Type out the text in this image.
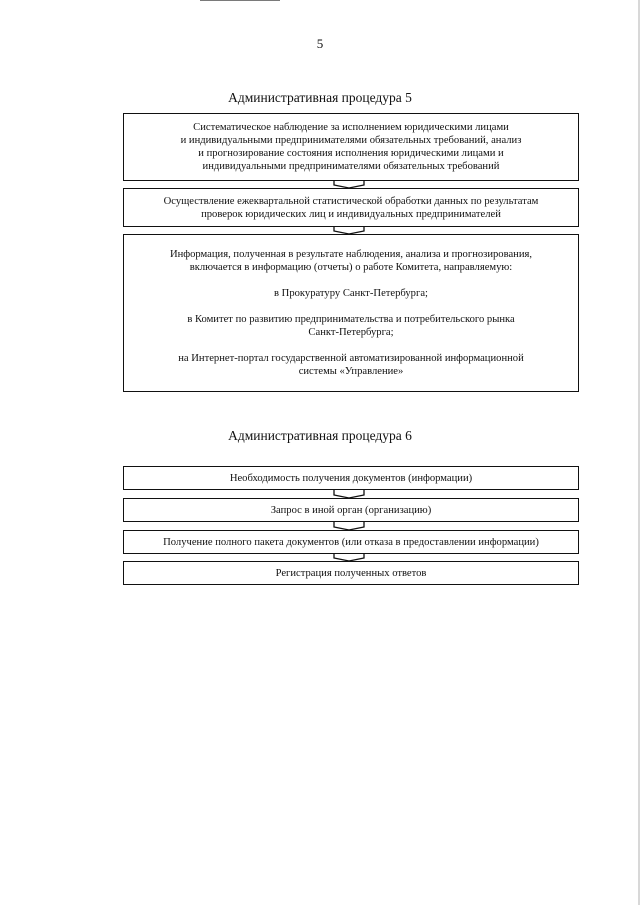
5
Административная процедура 5
Систематическое наблюдение за исполнением юридическими лицами
и индивидуальными предпринимателями обязательных требований, анализ
и прогнозирование состояния исполнения юридическими лицами и
индивидуальными предпринимателями обязательных требований
Осуществление ежеквартальной статистической обработки данных по результатам
проверок юридических лиц и индивидуальных предпринимателей
Информация, полученная в результате наблюдения, анализа и прогнозирования,
включается в информацию (отчеты) о работе Комитета, направляемую:
в Прокуратуру Санкт-Петербурга;
в Комитет по развитию предпринимательства и потребительского рынка
Санкт-Петербурга;
на Интернет-портал государственной автоматизированной информационной
системы «Управление»
Административная процедура 6
Необходимость получения документов (информации)
Запрос в иной орган (организацию)
Получение полного пакета документов (или отказа в предоставлении информации)
Регистрация полученных ответов
